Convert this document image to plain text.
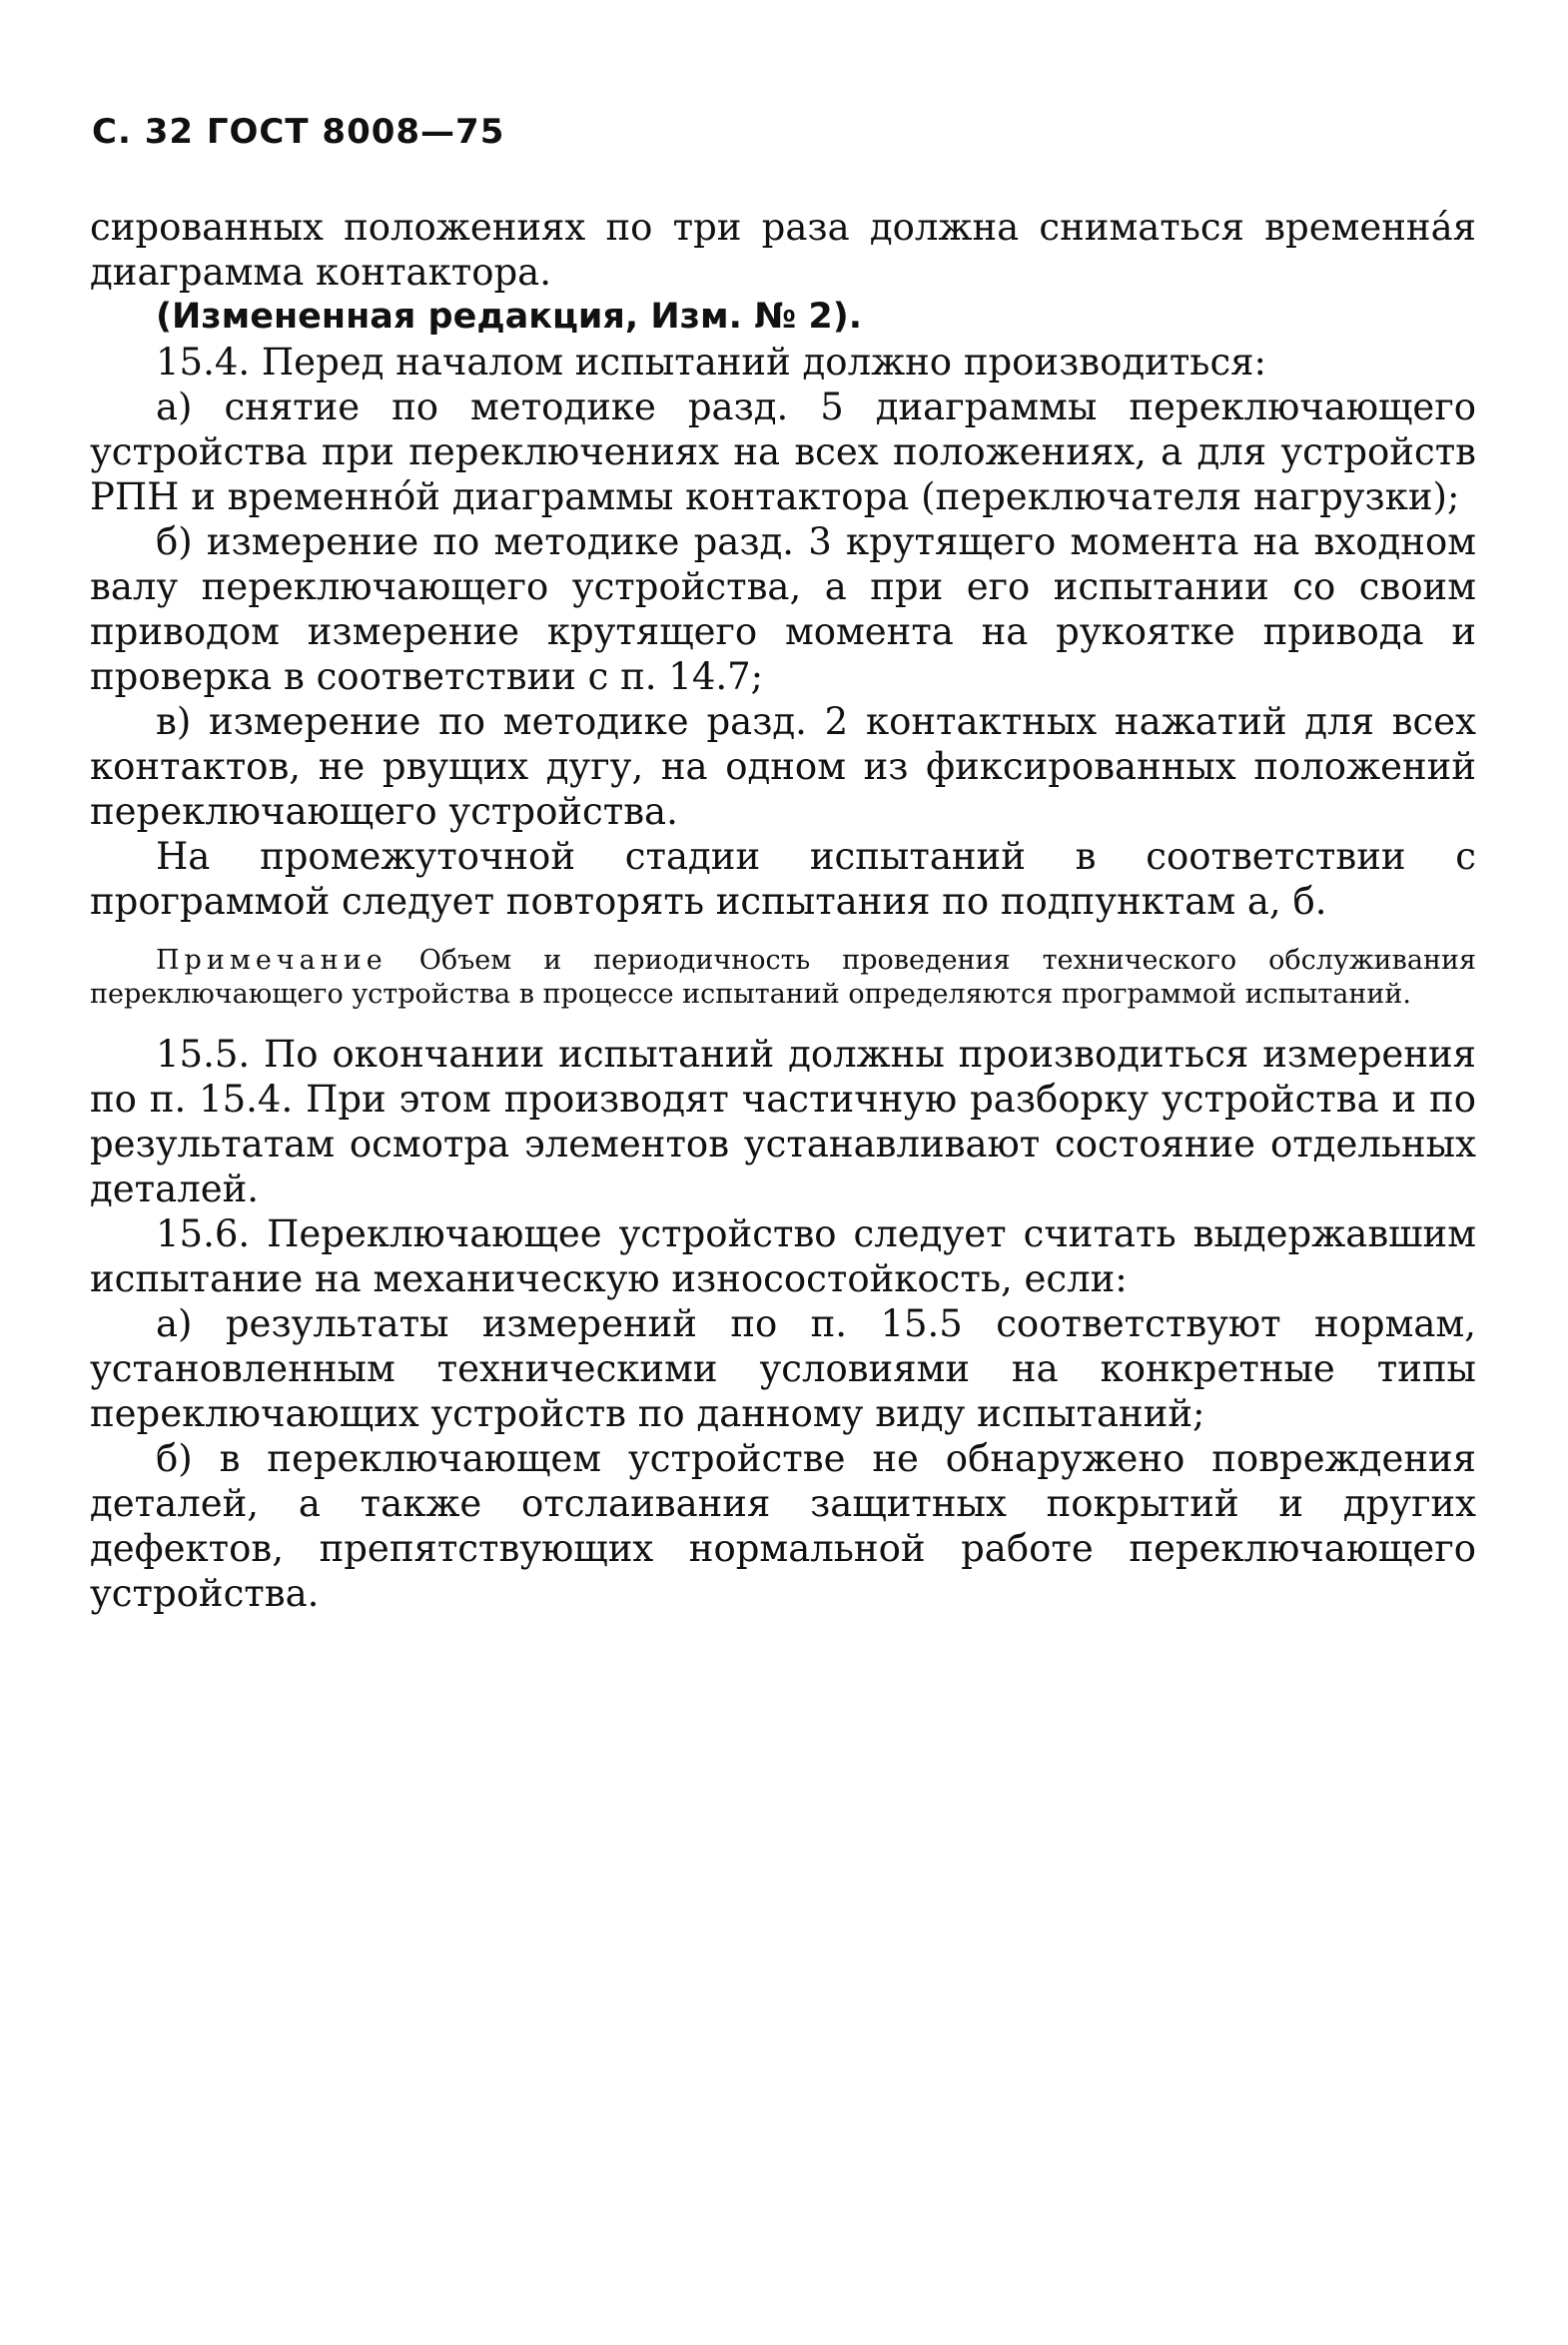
С. 32 ГОСТ 8008—75

сированных положениях по три раза должна сниматься временна́я диаграмма контактора.

(Измененная редакция, Изм. № 2).

15.4. Перед началом испытаний должно производиться:

а) снятие по методике разд. 5 диаграммы переключающего устройства при переключениях на всех положениях, а для устройств РПН и временно́й диаграммы контактора (переключателя нагрузки);

б) измерение по методике разд. 3 крутящего момента на входном валу переключающего устройства, а при его испытании со своим приводом измерение крутящего момента на рукоятке привода и проверка в соответствии с п. 14.7;

в) измерение по методике разд. 2 контактных нажатий для всех контактов, не рвущих дугу, на одном из фиксированных положений переключающего устройства.

На промежуточной стадии испытаний в соответствии с программой следует повторять испытания по подпунктам а, б.

Примечание Объем и периодичность проведения технического обслуживания переключающего устройства в процессе испытаний определяются программой испытаний.

15.5. По окончании испытаний должны производиться измерения по п. 15.4. При этом производят частичную разборку устройства и по результатам осмотра элементов устанавливают состояние отдельных деталей.

15.6. Переключающее устройство следует считать выдержавшим испытание на механическую износостойкость, если:

а) результаты измерений по п. 15.5 соответствуют нормам, установленным техническими условиями на конкретные типы переключающих устройств по данному виду испытаний;

б) в переключающем устройстве не обнаружено повреждения деталей, а также отслаивания защитных покрытий и других дефектов, препятствующих нормальной работе переключающего устройства.
